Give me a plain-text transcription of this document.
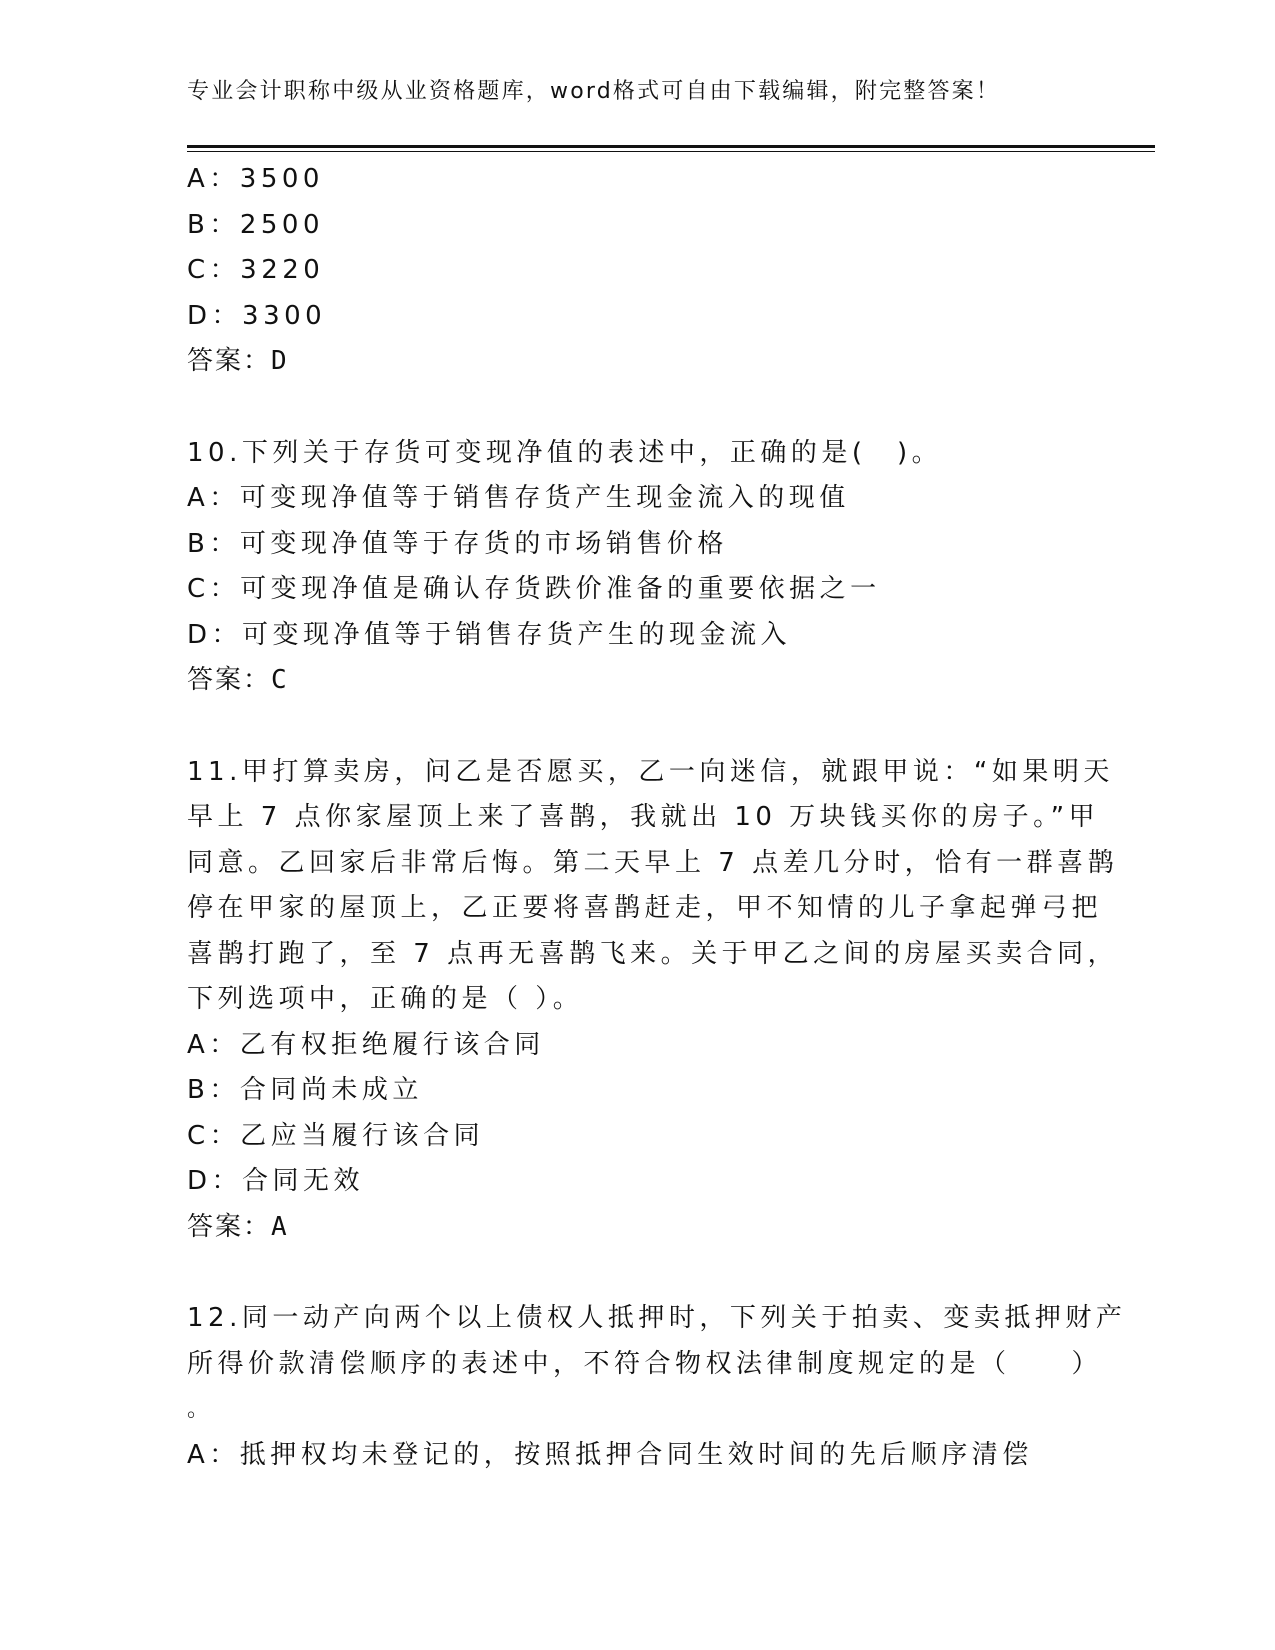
专业会计职称中级从业资格题库，word格式可自由下载编辑，附完整答案！
A：3500
B：2500
C：3220
D：3300
答案：D
10.下列关于存货可变现净值的表述中，正确的是(　)。
A：可变现净值等于销售存货产生现金流入的现值
B：可变现净值等于存货的市场销售价格
C：可变现净值是确认存货跌价准备的重要依据之一
D：可变现净值等于销售存货产生的现金流入
答案：C
11.甲打算卖房，问乙是否愿买，乙一向迷信，就跟甲说：“如果明天
早上 7 点你家屋顶上来了喜鹊，我就出 10 万块钱买你的房子。”甲
同意。乙回家后非常后悔。第二天早上 7 点差几分时，恰有一群喜鹊
停在甲家的屋顶上，乙正要将喜鹊赶走，甲不知情的儿子拿起弹弓把
喜鹊打跑了，至 7 点再无喜鹊飞来。关于甲乙之间的房屋买卖合同，
下列选项中，正确的是（ ）。
A：乙有权拒绝履行该合同
B：合同尚未成立
C：乙应当履行该合同
D：合同无效
答案：A
12.同一动产向两个以上债权人抵押时，下列关于拍卖、变卖抵押财产
所得价款清偿顺序的表述中，不符合物权法律制度规定的是（　　）
。
A：抵押权均未登记的，按照抵押合同生效时间的先后顺序清偿
